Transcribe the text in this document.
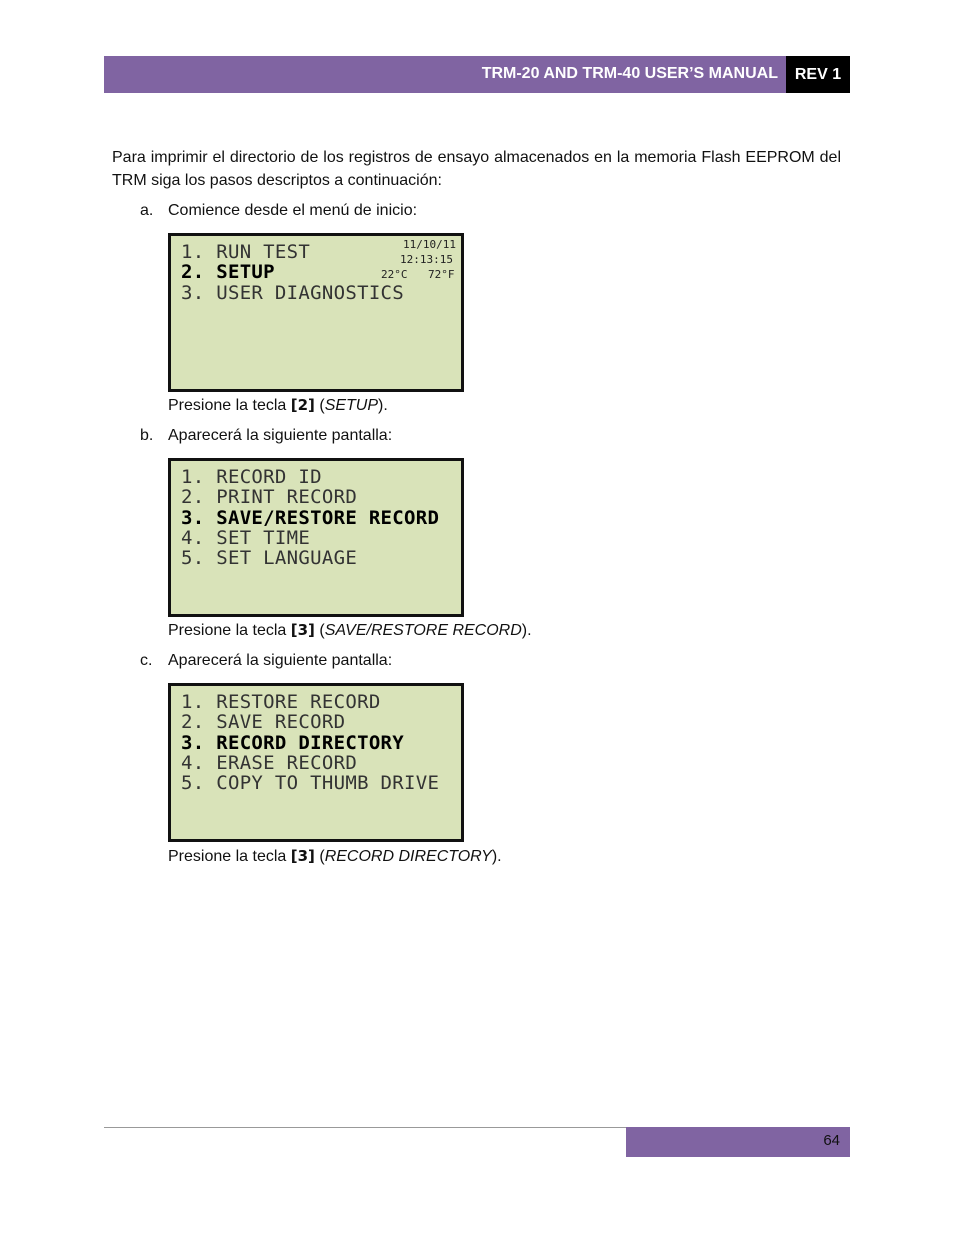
TRM-20 AND TRM-40 USER’S MANUAL	REV 1
Para imprimir el directorio de los registros de ensayo almacenados en la memoria Flash EEPROM del TRM siga los pasos descriptos a continuación:
a. Comience desde el menú de inicio:
1. RUN TEST
2. SETUP
3. USER DIAGNOSTICS
11/10/11
12:13:15
22°C 72°F
Presione la tecla [2] (SETUP).
b. Aparecerá la siguiente pantalla:
1. RECORD ID
2. PRINT RECORD
3. SAVE/RESTORE RECORD
4. SET TIME
5. SET LANGUAGE
Presione la tecla [3] (SAVE/RESTORE RECORD).
c. Aparecerá la siguiente pantalla:
1. RESTORE RECORD
2. SAVE RECORD
3. RECORD DIRECTORY
4. ERASE RECORD
5. COPY TO THUMB DRIVE
Presione la tecla [3] (RECORD DIRECTORY).
64
